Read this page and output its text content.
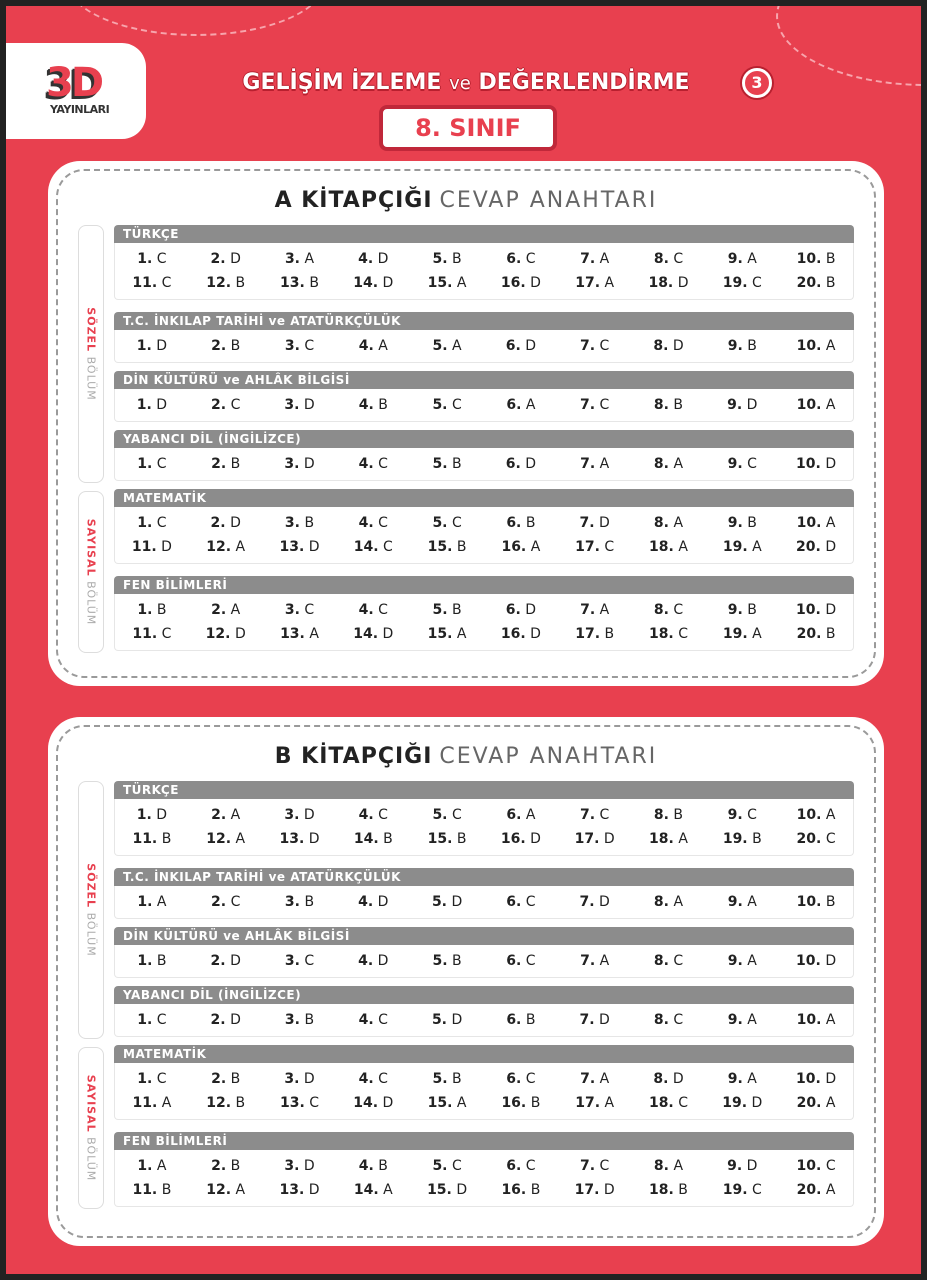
3D
YAYINLARI
GELİŞİM İZLEME ve DEĞERLENDİRME	3
8. SINIF
A KİTAPÇIĞI CEVAP ANAHTARI
SÖZEL BÖLÜM
SAYISAL BÖLÜM
TÜRKÇE
1. C	2. D	3. A	4. D	5. B	6. C	7. A	8. C	9. A	10. B
11. C	12. B	13. B	14. D	15. A	16. D	17. A	18. D	19. C	20. B
T.C. İNKILAP TARİHİ ve ATATÜRKÇÜLÜK
1. D	2. B	3. C	4. A	5. A	6. D	7. C	8. D	9. B	10. A
DİN KÜLTÜRÜ ve AHLÂK BİLGİSİ
1. D	2. C	3. D	4. B	5. C	6. A	7. C	8. B	9. D	10. A
YABANCI DİL (İNGİLİZCE)
1. C	2. B	3. D	4. C	5. B	6. D	7. A	8. A	9. C	10. D
MATEMATİK
1. C	2. D	3. B	4. C	5. C	6. B	7. D	8. A	9. B	10. A
11. D	12. A	13. D	14. C	15. B	16. A	17. C	18. A	19. A	20. D
FEN BİLİMLERİ
1. B	2. A	3. C	4. C	5. B	6. D	7. A	8. C	9. B	10. D
11. C	12. D	13. A	14. D	15. A	16. D	17. B	18. C	19. A	20. B
B KİTAPÇIĞI CEVAP ANAHTARI
SÖZEL BÖLÜM
SAYISAL BÖLÜM
TÜRKÇE
1. D	2. A	3. D	4. C	5. C	6. A	7. C	8. B	9. C	10. A
11. B	12. A	13. D	14. B	15. B	16. D	17. D	18. A	19. B	20. C
T.C. İNKILAP TARİHİ ve ATATÜRKÇÜLÜK
1. A	2. C	3. B	4. D	5. D	6. C	7. D	8. A	9. A	10. B
DİN KÜLTÜRÜ ve AHLÂK BİLGİSİ
1. B	2. D	3. C	4. D	5. B	6. C	7. A	8. C	9. A	10. D
YABANCI DİL (İNGİLİZCE)
1. C	2. D	3. B	4. C	5. D	6. B	7. D	8. C	9. A	10. A
MATEMATİK
1. C	2. B	3. D	4. C	5. B	6. C	7. A	8. D	9. A	10. D
11. A	12. B	13. C	14. D	15. A	16. B	17. A	18. C	19. D	20. A
FEN BİLİMLERİ
1. A	2. B	3. D	4. B	5. C	6. C	7. C	8. A	9. D	10. C
11. B	12. A	13. D	14. A	15. D	16. B	17. D	18. B	19. C	20. A
